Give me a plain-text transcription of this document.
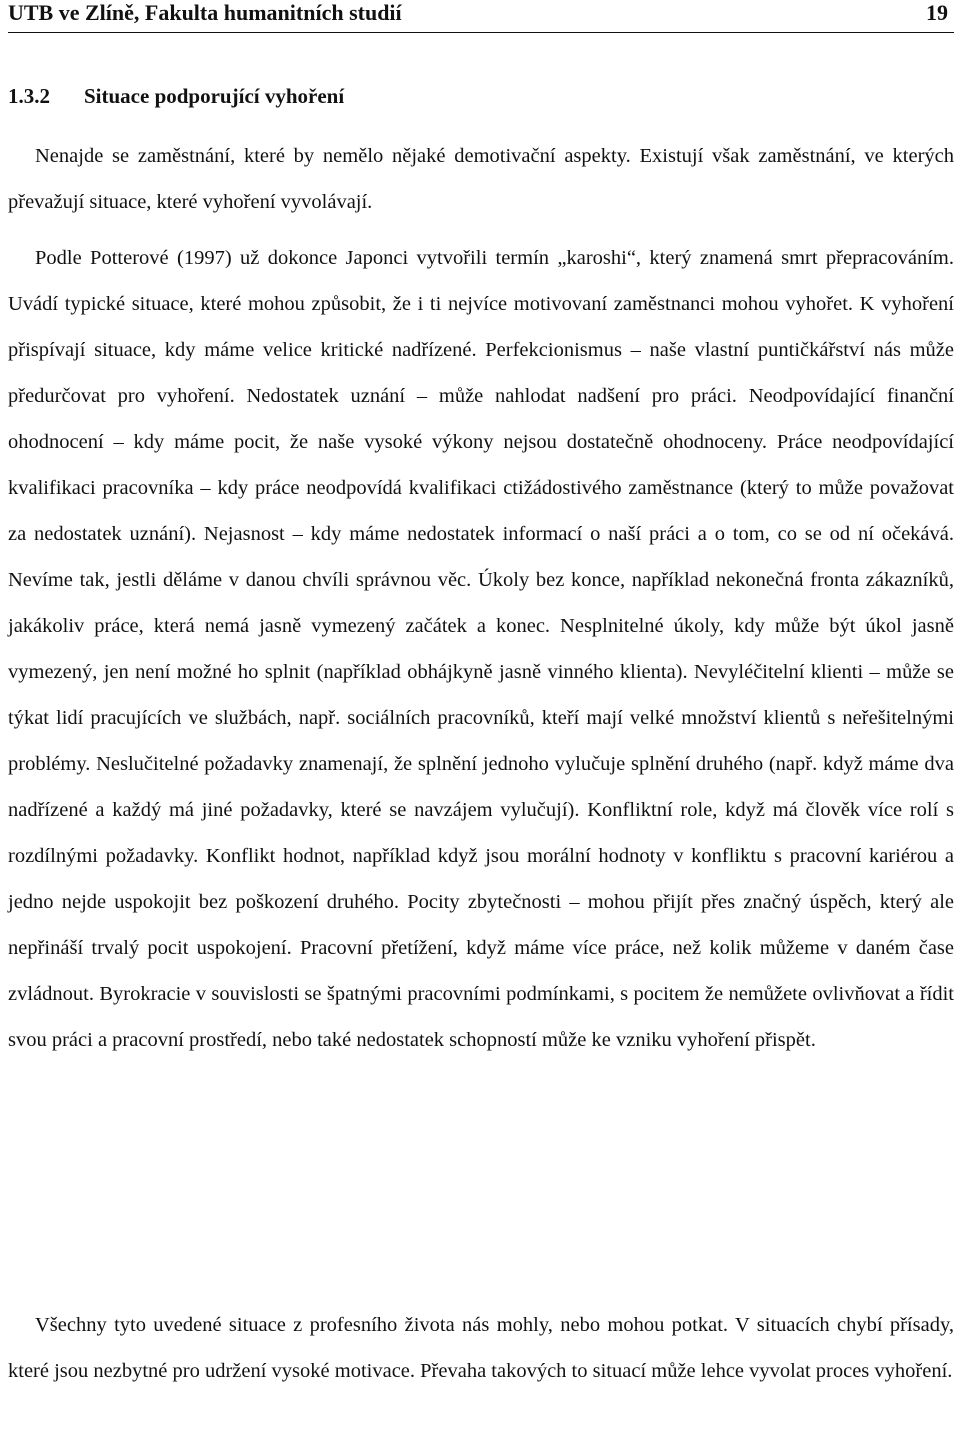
UTB ve Zlíně, Fakulta humanitních studií	19
1.3.2 Situace podporující vyhoření

Nenajde se zaměstnání, které by nemělo nějaké demotivační aspekty. Existují však zaměstnání, ve kterých převažují situace, které vyhoření vyvolávají.

Podle Potterové (1997) už dokonce Japonci vytvořili termín „karoshi“, který znamená smrt přepracováním. Uvádí typické situace, které mohou způsobit, že i ti nejvíce motivovaní zaměstnanci mohou vyhořet. K vyhoření přispívají situace, kdy máme velice kritické nadřízené. Perfekcionismus – naše vlastní puntičkářství nás může předurčovat pro vyhoření. Nedostatek uznání – může nahlodat nadšení pro práci. Neodpovídající finanční ohodnocení – kdy máme pocit, že naše vysoké výkony nejsou dostatečně ohodnoceny. Práce neodpovídající kvalifikaci pracovníka – kdy práce neodpovídá kvalifikaci ctižádostivého zaměstnance (který to může považovat za nedostatek uznání). Nejasnost – kdy máme nedostatek informací o naší práci a o tom, co se od ní očekává. Nevíme tak, jestli děláme v danou chvíli správnou věc. Úkoly bez konce, například nekonečná fronta zákazníků, jakákoliv práce, která nemá jasně vymezený začátek a konec. Nesplnitelné úkoly, kdy může být úkol jasně vymezený, jen není možné ho splnit (například obhájkyně jasně vinného klienta). Nevyléčitelní klienti – může se týkat lidí pracujících ve službách, např. sociálních pracovníků, kteří mají velké množství klientů s neřešitelnými problémy. Neslučitelné požadavky znamenají, že splnění jednoho vylučuje splnění druhého (např. když máme dva nadřízené a každý má jiné požadavky, které se navzájem vylučují). Konfliktní role, když má člověk více rolí s rozdílnými požadavky. Konflikt hodnot, například když jsou morální hodnoty v konfliktu s pracovní kariérou a jedno nejde uspokojit bez poškození druhého. Pocity zbytečnosti – mohou přijít přes značný úspěch, který ale nepřináší trvalý pocit uspokojení. Pracovní přetížení, když máme více práce, než kolik můžeme v daném čase zvládnout. Byrokracie v souvislosti se špatnými pracovními podmínkami, s pocitem že nemůžete ovlivňovat a řídit svou práci a pracovní prostředí, nebo také nedostatek schopností může ke vzniku vyhoření přispět.

Všechny tyto uvedené situace z profesního života nás mohly, nebo mohou potkat. V situacích chybí přísady, které jsou nezbytné pro udržení vysoké motivace. Převaha takových to situací může lehce vyvolat proces vyhoření.
